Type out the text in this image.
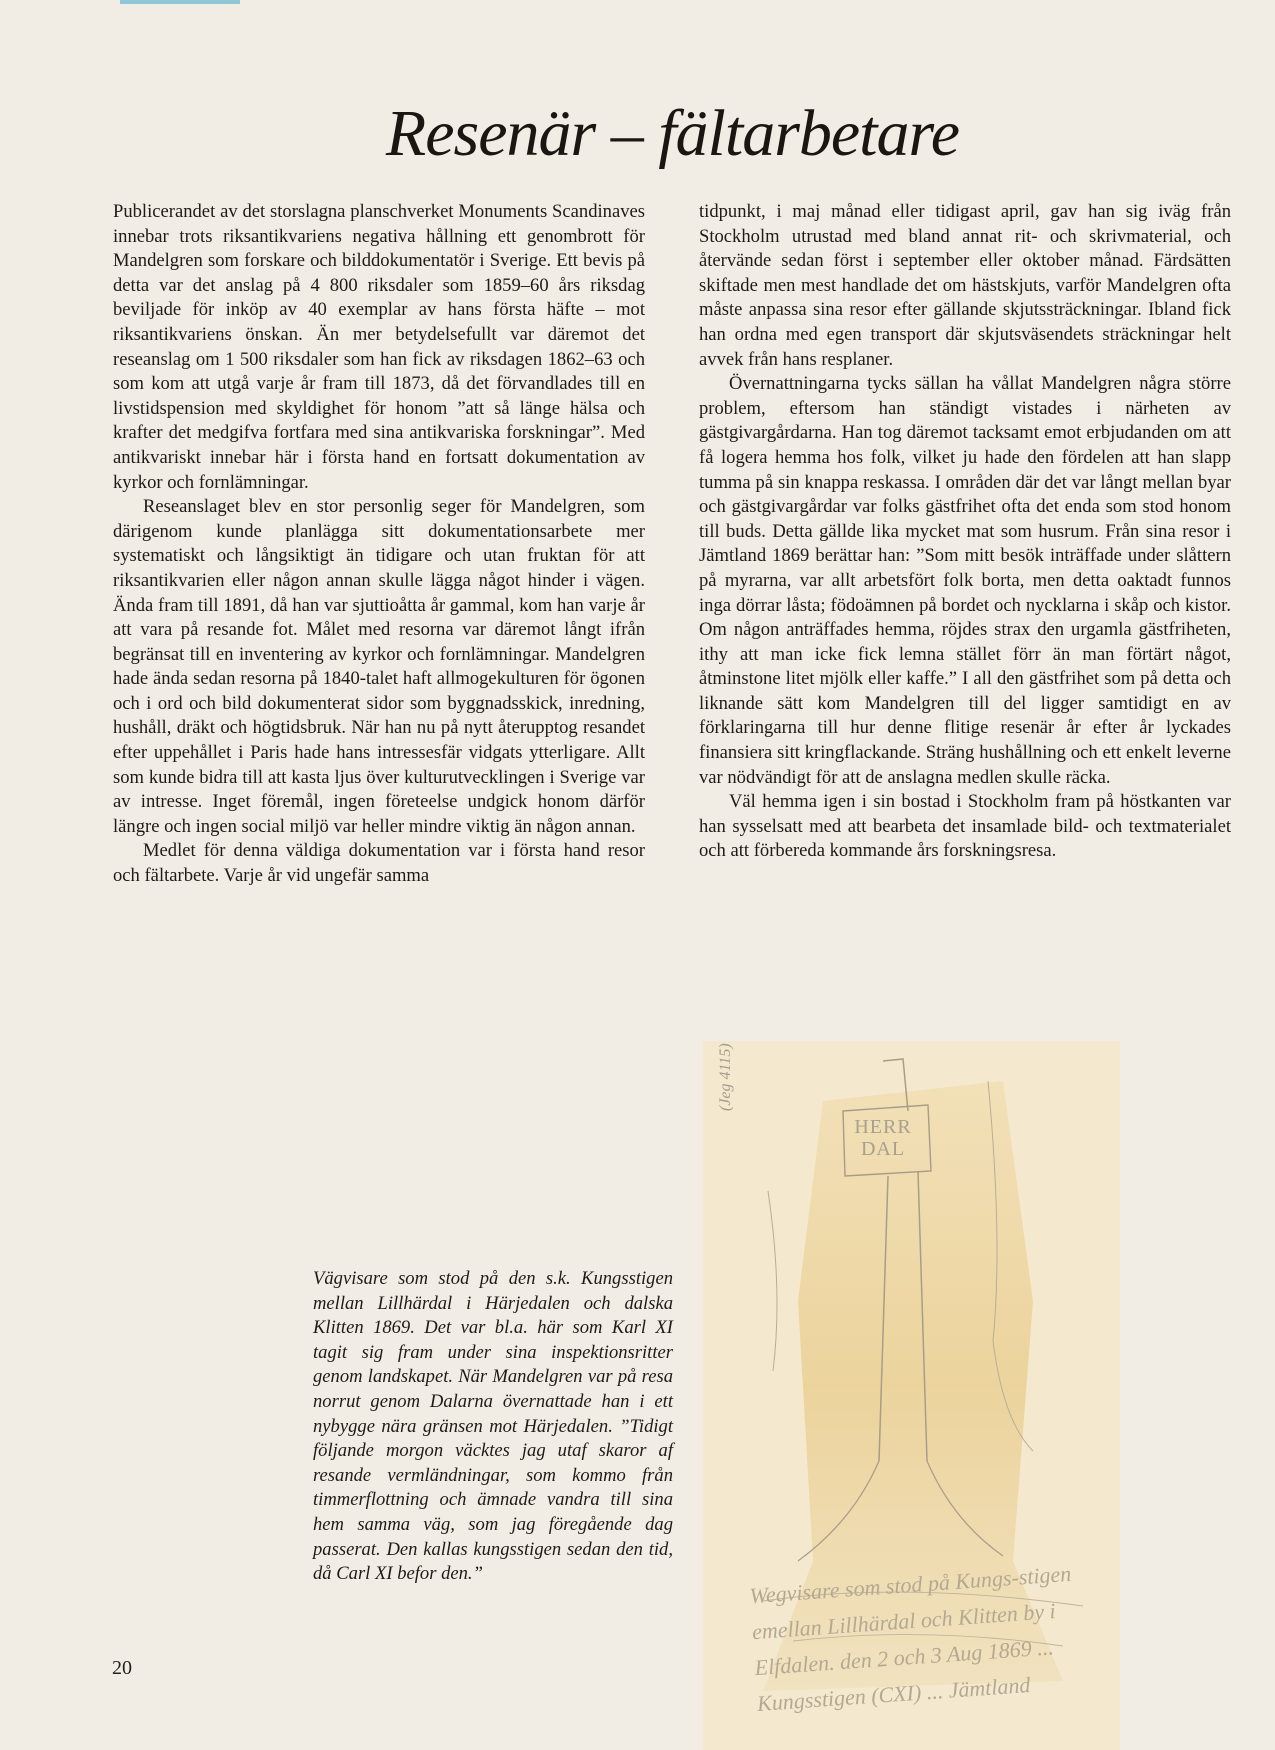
Resenär – fältarbetare

Publicerandet av det storslagna planschverket Monuments Scandinaves innebar trots riksantikvariens negativa hållning ett genombrott för Mandelgren som forskare och bilddokumentatör i Sverige. Ett bevis på detta var det anslag på 4 800 riksdaler som 1859–60 års riksdag beviljade för inköp av 40 exemplar av hans första häfte – mot riksantikvariens önskan. Än mer betydelsefullt var däremot det reseanslag om 1 500 riksdaler som han fick av riksdagen 1862–63 och som kom att utgå varje år fram till 1873, då det förvandlades till en livstidspension med skyldighet för honom ”att så länge hälsa och krafter det medgifva fortfara med sina antikvariska forskningar”. Med antikvariskt innebar här i första hand en fortsatt dokumentation av kyrkor och fornlämningar.

Reseanslaget blev en stor personlig seger för Mandelgren, som därigenom kunde planlägga sitt dokumentationsarbete mer systematiskt och långsiktigt än tidigare och utan fruktan för att riksantikvarien eller någon annan skulle lägga något hinder i vägen. Ända fram till 1891, då han var sjuttioåtta år gammal, kom han varje år att vara på resande fot. Målet med resorna var däremot långt ifrån begränsat till en inventering av kyrkor och fornlämningar. Mandelgren hade ända sedan resorna på 1840-talet haft allmogekulturen för ögonen och i ord och bild dokumenterat sidor som byggnadsskick, inredning, hushåll, dräkt och högtidsbruk. När han nu på nytt återupptog resandet efter uppehållet i Paris hade hans intressesfär vidgats ytterligare. Allt som kunde bidra till att kasta ljus över kulturutvecklingen i Sverige var av intresse. Inget föremål, ingen företeelse undgick honom därför längre och ingen social miljö var heller mindre viktig än någon annan.

Medlet för denna väldiga dokumentation var i första hand resor och fältarbete. Varje år vid ungefär samma

tidpunkt, i maj månad eller tidigast april, gav han sig iväg från Stockholm utrustad med bland annat rit- och skrivmaterial, och återvände sedan först i september eller oktober månad. Färdsätten skiftade men mest handlade det om hästskjuts, varför Mandelgren ofta måste anpassa sina resor efter gällande skjutssträckningar. Ibland fick han ordna med egen transport där skjutsväsendets sträckningar helt avvek från hans resplaner.

Övernattningarna tycks sällan ha vållat Mandelgren några större problem, eftersom han ständigt vistades i närheten av gästgivargårdarna. Han tog däremot tacksamt emot erbjudanden om att få logera hemma hos folk, vilket ju hade den fördelen att han slapp tumma på sin knappa reskassa. I områden där det var långt mellan byar och gästgivargårdar var folks gästfrihet ofta det enda som stod honom till buds. Detta gällde lika mycket mat som husrum. Från sina resor i Jämtland 1869 berättar han: ”Som mitt besök inträffade under slåttern på myrarna, var allt arbetsfört folk borta, men detta oaktadt funnos inga dörrar låsta; födoämnen på bordet och nycklarna i skåp och kistor. Om någon anträffades hemma, röjdes strax den urgamla gästfriheten, ithy att man icke fick lemna stället förr än man förtärt något, åtminstone litet mjölk eller kaffe.” I all den gästfrihet som på detta och liknande sätt kom Mandelgren till del ligger samtidigt en av förklaringarna till hur denne flitige resenär år efter år lyckades finansiera sitt kringflackande. Sträng hushållning och ett enkelt leverne var nödvändigt för att de anslagna medlen skulle räcka.

Väl hemma igen i sin bostad i Stockholm fram på höstkanten var han sysselsatt med att bearbeta det insamlade bild- och textmaterialet och att förbereda kommande års forskningsresa.

Vägvisare som stod på den s.k. Kungsstigen mellan Lillhärdal i Härjedalen och dalska Klitten 1869. Det var bl.a. här som Karl XI tagit sig fram under sina inspektionsritter genom landskapet. När Mandelgren var på resa norrut genom Dalarna övernattade han i ett nybygge nära gränsen mot Härjedalen. ”Tidigt följande morgon väcktes jag utaf skaror af resande vermländningar, som kommo från timmerflottning och ämnade vandra till sina hem samma väg, som jag föregående dag passerat. Den kallas kungsstigen sedan den tid, då Carl XI befor den.”

HERR
DAL
(Jeg 4115)
Wegvisare som stod på Kungs-stigen emellan Lillhärdal och Klitten by i Elfdalen. den 2 och 3 Aug 1869 ... Kungsstigen (CXI) ... Jämtland
20
